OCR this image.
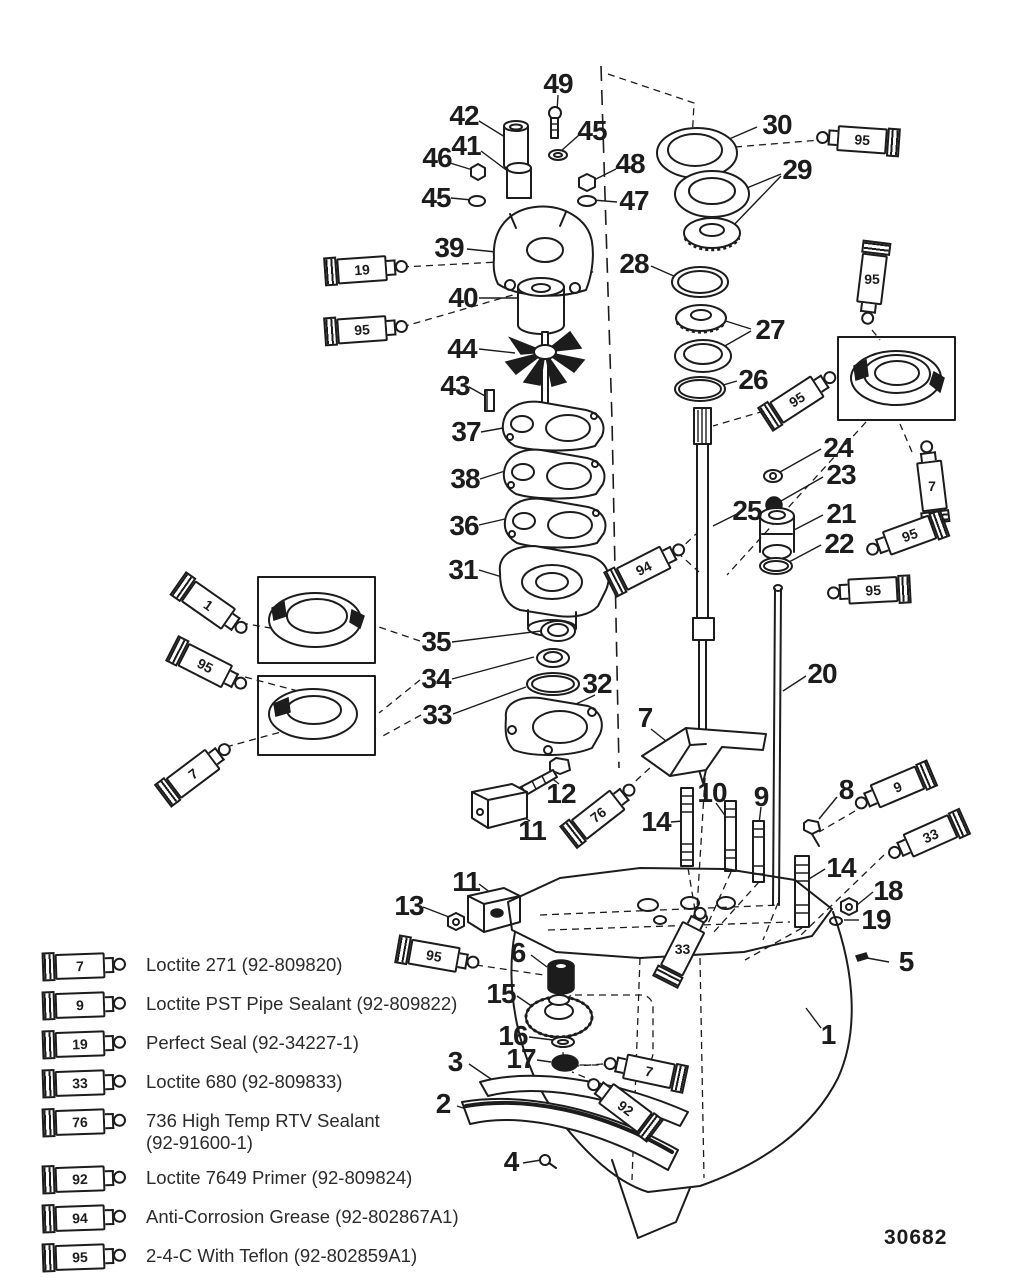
49
42	45
41
46	48
45	47
39
40
44
43
37
38
36
31
35
34
33
32
30
29
28
27
26
24
23
25 21
22
20
7
12
11	14
10 9	8
14
18
19
5
13
11
6
15
16
17
3
2
4
1
19
95
95
95
95
7
95
95
94
1
95
7
76
9
33
95	33
7
92
7	Loctite 271 (92-809820)
9	Loctite PST Pipe Sealant (92-809822)
19	Perfect Seal (92-34227-1)
33	Loctite 680 (92-809833)
76	736 High Temp RTV Sealant
(92-91600-1)
92	Loctite 7649 Primer (92-809824)
94	Anti-Corrosion Grease (92-802867A1)
95	2-4-C With Teflon (92-802859A1)
30682
